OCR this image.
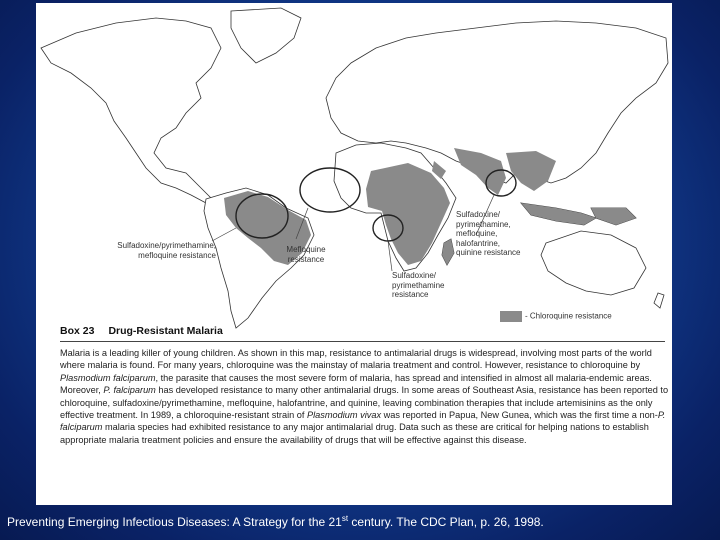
Sulfadoxine/pyrimethamine, mefloquine resistance
Mefloquine resistance
Sulfadoxine/ pyrimethamine resistance
Sulfadoxine/ pyrimethamine, mefloquine, halofantrine, quinine resistance
- Chloroquine resistance
Box 23 Drug-Resistant Malaria

Malaria is a leading killer of young children. As shown in this map, resistance to antimalarial drugs is widespread, involving most parts of the world where malaria is found. For many years, chloroquine was the mainstay of malaria treatment and control. However, resistance to chloroquine by Plasmodium falciparum, the parasite that causes the most severe form of malaria, has spread and intensified in almost all malaria-endemic areas. Moreover, P. falciparum has developed resistance to many other antimalarial drugs. In some areas of Southeast Asia, resistance has been reported to chloroquine, sulfadoxine/pyrimethamine, mefloquine, halofantrine, and quinine, leaving combination therapies that include artemisinins as the only effective treatment. In 1989, a chloroquine-resistant strain of Plasmodium vivax was reported in Papua, New Gunea, which was the first time a non-P. falciparum malaria species had exhibited resistance to any major antimalarial drug. Data such as these are critical for helping nations to establish appropriate malaria treatment policies and ensure the availability of drugs that will be effective against this disease.

Preventing Emerging Infectious Diseases: A Strategy for the 21st century. The CDC Plan, p. 26, 1998.
